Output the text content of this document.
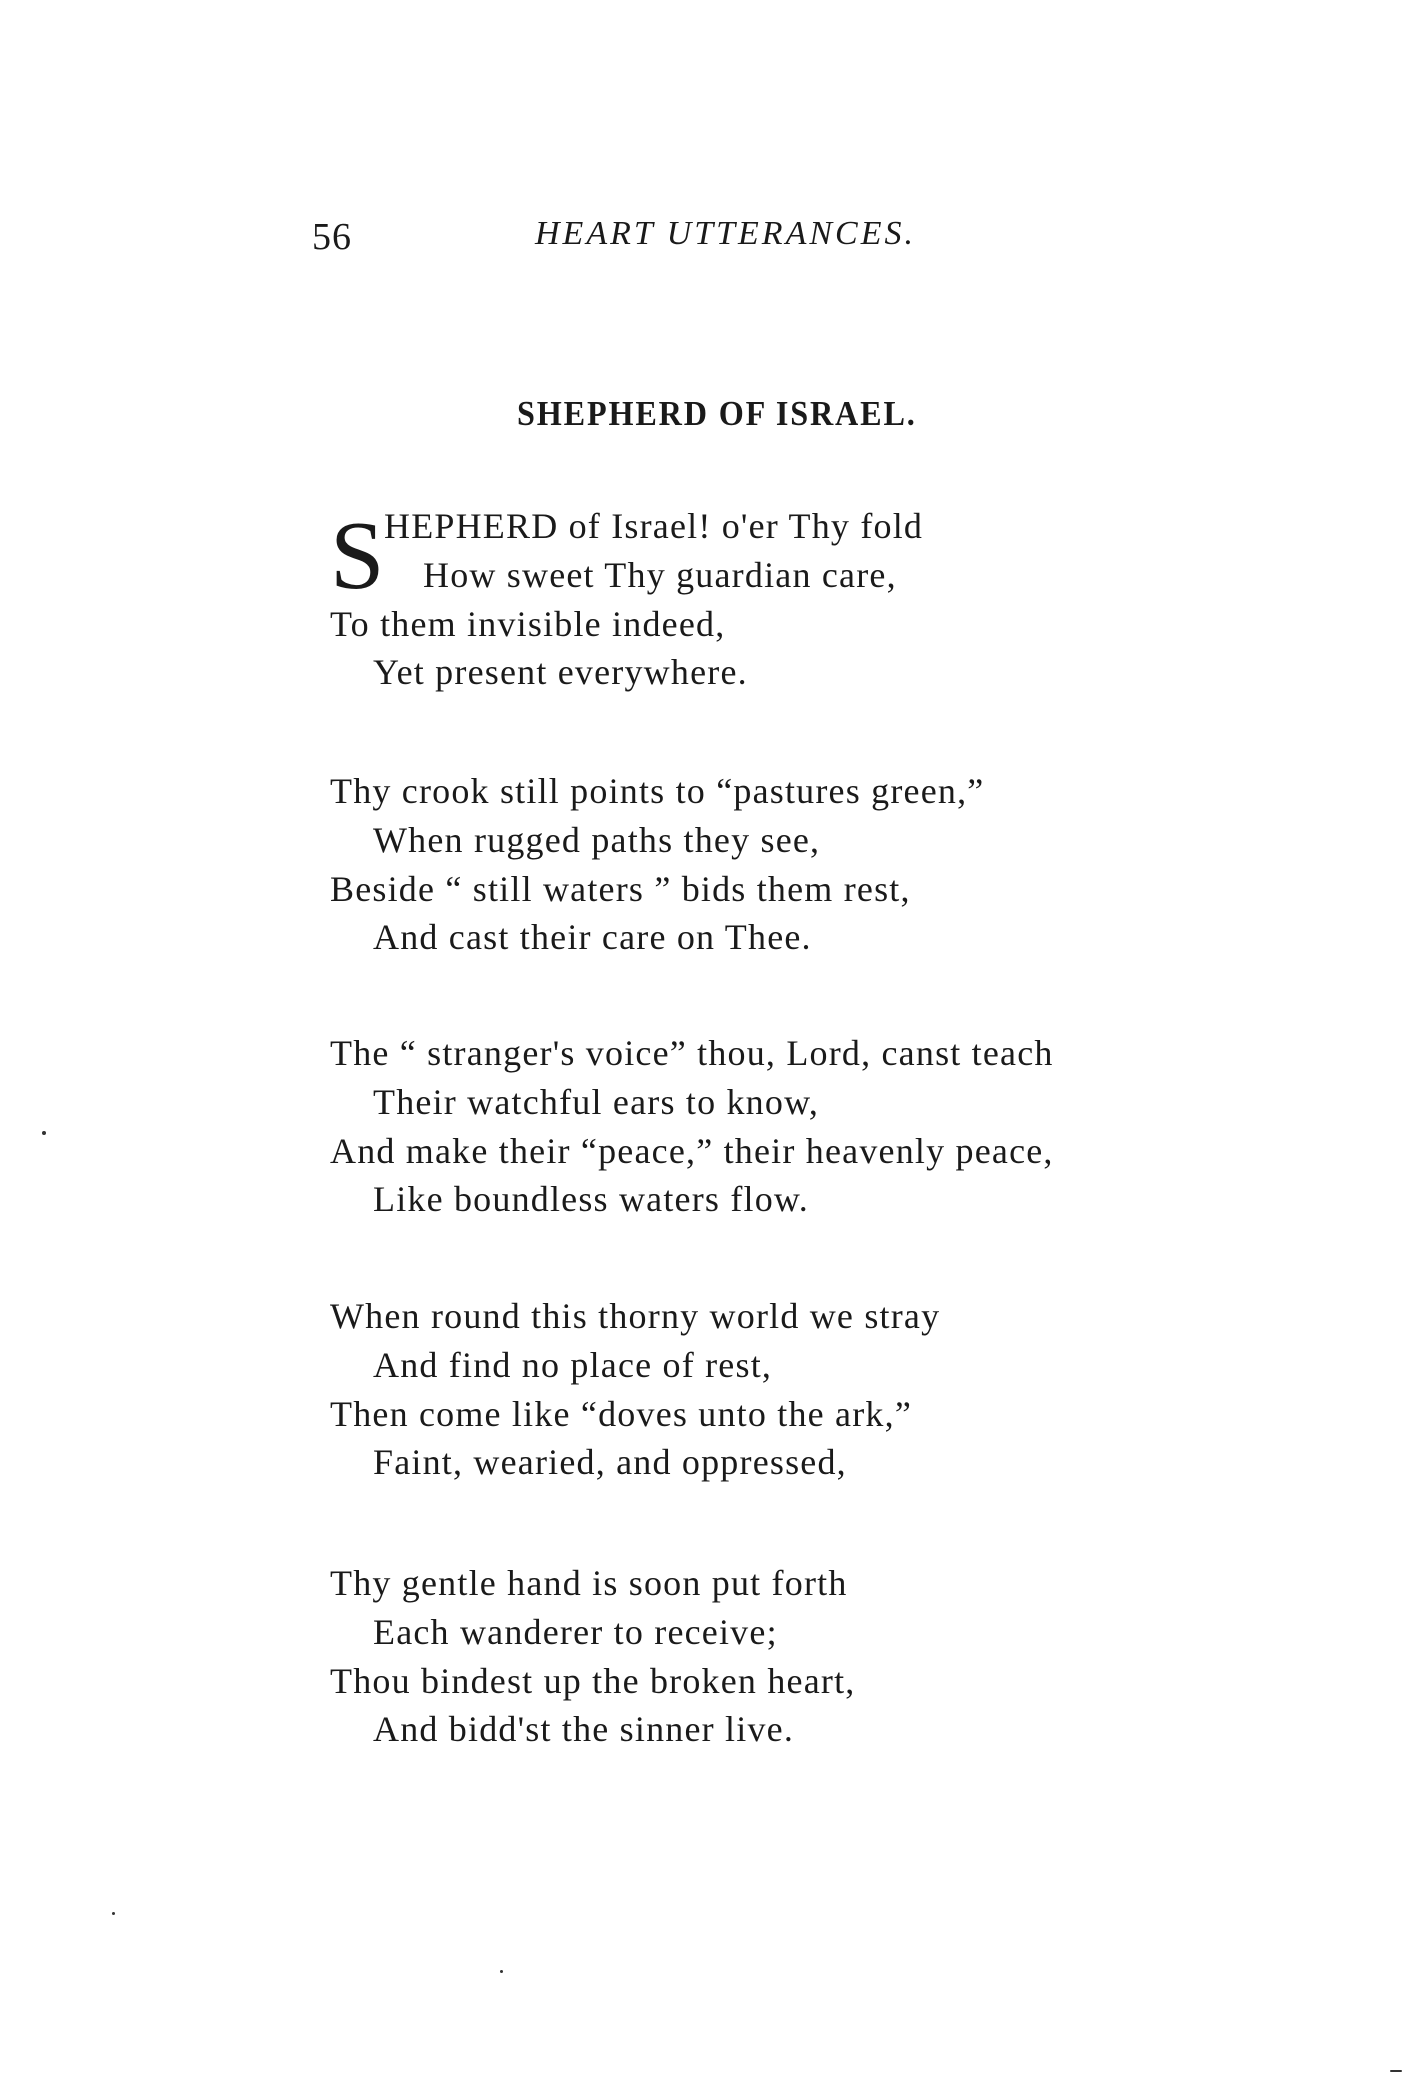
56	HEART UTTERANCES.
SHEPHERD OF ISRAEL.
S HEPHERD of Israel! o'er Thy fold
How sweet Thy guardian care,
To them invisible indeed,
Yet present everywhere.
Thy crook still points to “pastures green,”
When rugged paths they see,
Beside “ still waters ” bids them rest,
And cast their care on Thee.
The “ stranger's voice” thou, Lord, canst teach
Their watchful ears to know,
And make their “peace,” their heavenly peace,
Like boundless waters flow.
When round this thorny world we stray
And find no place of rest,
Then come like “doves unto the ark,”
Faint, wearied, and oppressed,
Thy gentle hand is soon put forth
Each wanderer to receive;
Thou bindest up the broken heart,
And bidd'st the sinner live.
